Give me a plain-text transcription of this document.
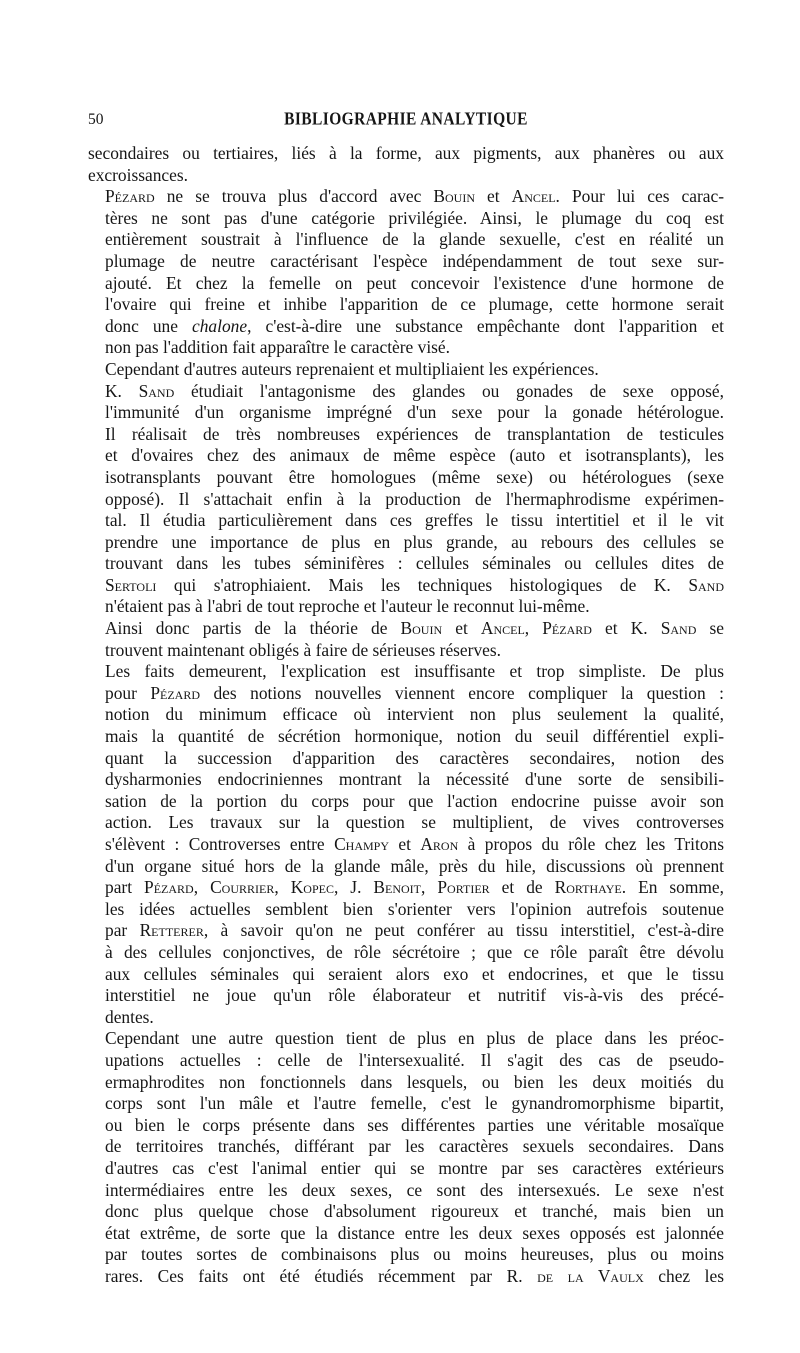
50	BIBLIOGRAPHIE ANALYTIQUE

secondaires ou tertiaires, liés à la forme, aux pigments, aux phanères ou aux
excroissances.

Pézard ne se trouva plus d'accord avec Bouin et Ancel. Pour lui ces carac-
tères ne sont pas d'une catégorie privilégiée. Ainsi, le plumage du coq est
entièrement soustrait à l'influence de la glande sexuelle, c'est en réalité un
plumage de neutre caractérisant l'espèce indépendamment de tout sexe sur-
ajouté. Et chez la femelle on peut concevoir l'existence d'une hormone de
l'ovaire qui freine et inhibe l'apparition de ce plumage, cette hormone serait
donc une chalone, c'est-à-dire une substance empêchante dont l'apparition et
non pas l'addition fait apparaître le caractère visé.

Cependant d'autres auteurs reprenaient et multipliaient les expériences.

K. Sand étudiait l'antagonisme des glandes ou gonades de sexe opposé,
l'immunité d'un organisme imprégné d'un sexe pour la gonade hétérologue.
Il réalisait de très nombreuses expériences de transplantation de testicules
et d'ovaires chez des animaux de même espèce (auto et isotransplants), les
isotransplants pouvant être homologues (même sexe) ou hétérologues (sexe
opposé). Il s'attachait enfin à la production de l'hermaphrodisme expérimen-
tal. Il étudia particulièrement dans ces greffes le tissu intertitiel et il le vit
prendre une importance de plus en plus grande, au rebours des cellules se
trouvant dans les tubes séminifères : cellules séminales ou cellules dites de
Sertoli qui s'atrophiaient. Mais les techniques histologiques de K. Sand
n'étaient pas à l'abri de tout reproche et l'auteur le reconnut lui-même.

Ainsi donc partis de la théorie de Bouin et Ancel, Pézard et K. Sand se
trouvent maintenant obligés à faire de sérieuses réserves.

Les faits demeurent, l'explication est insuffisante et trop simpliste. De plus
pour Pézard des notions nouvelles viennent encore compliquer la question :
notion du minimum efficace où intervient non plus seulement la qualité,
mais la quantité de sécrétion hormonique, notion du seuil différentiel expli-
quant la succession d'apparition des caractères secondaires, notion des
dysharmonies endocriniennes montrant la nécessité d'une sorte de sensibili-
sation de la portion du corps pour que l'action endocrine puisse avoir son
action. Les travaux sur la question se multiplient, de vives controverses
s'élèvent : Controverses entre Champy et Aron à propos du rôle chez les Tritons
d'un organe situé hors de la glande mâle, près du hile, discussions où prennent
part Pézard, Courrier, Kopec, J. Benoit, Portier et de Rorthaye. En somme,
les idées actuelles semblent bien s'orienter vers l'opinion autrefois soutenue
par Retterer, à savoir qu'on ne peut conférer au tissu interstitiel, c'est-à-dire
à des cellules conjonctives, de rôle sécrétoire ; que ce rôle paraît être dévolu
aux cellules séminales qui seraient alors exo et endocrines, et que le tissu
interstitiel ne joue qu'un rôle élaborateur et nutritif vis-à-vis des précé-
dentes.

Cependant une autre question tient de plus en plus de place dans les préoc-
upations actuelles : celle de l'intersexualité. Il s'agit des cas de pseudo-
ermaphrodites non fonctionnels dans lesquels, ou bien les deux moitiés du
corps sont l'un mâle et l'autre femelle, c'est le gynandromorphisme bipartit,
ou bien le corps présente dans ses différentes parties une véritable mosaïque
de territoires tranchés, différant par les caractères sexuels secondaires. Dans
d'autres cas c'est l'animal entier qui se montre par ses caractères extérieurs
intermédiaires entre les deux sexes, ce sont des intersexués. Le sexe n'est
donc plus quelque chose d'absolument rigoureux et tranché, mais bien un
état extrême, de sorte que la distance entre les deux sexes opposés est jalonnée
par toutes sortes de combinaisons plus ou moins heureuses, plus ou moins
rares. Ces faits ont été étudiés récemment par R. de la Vaulx chez les
